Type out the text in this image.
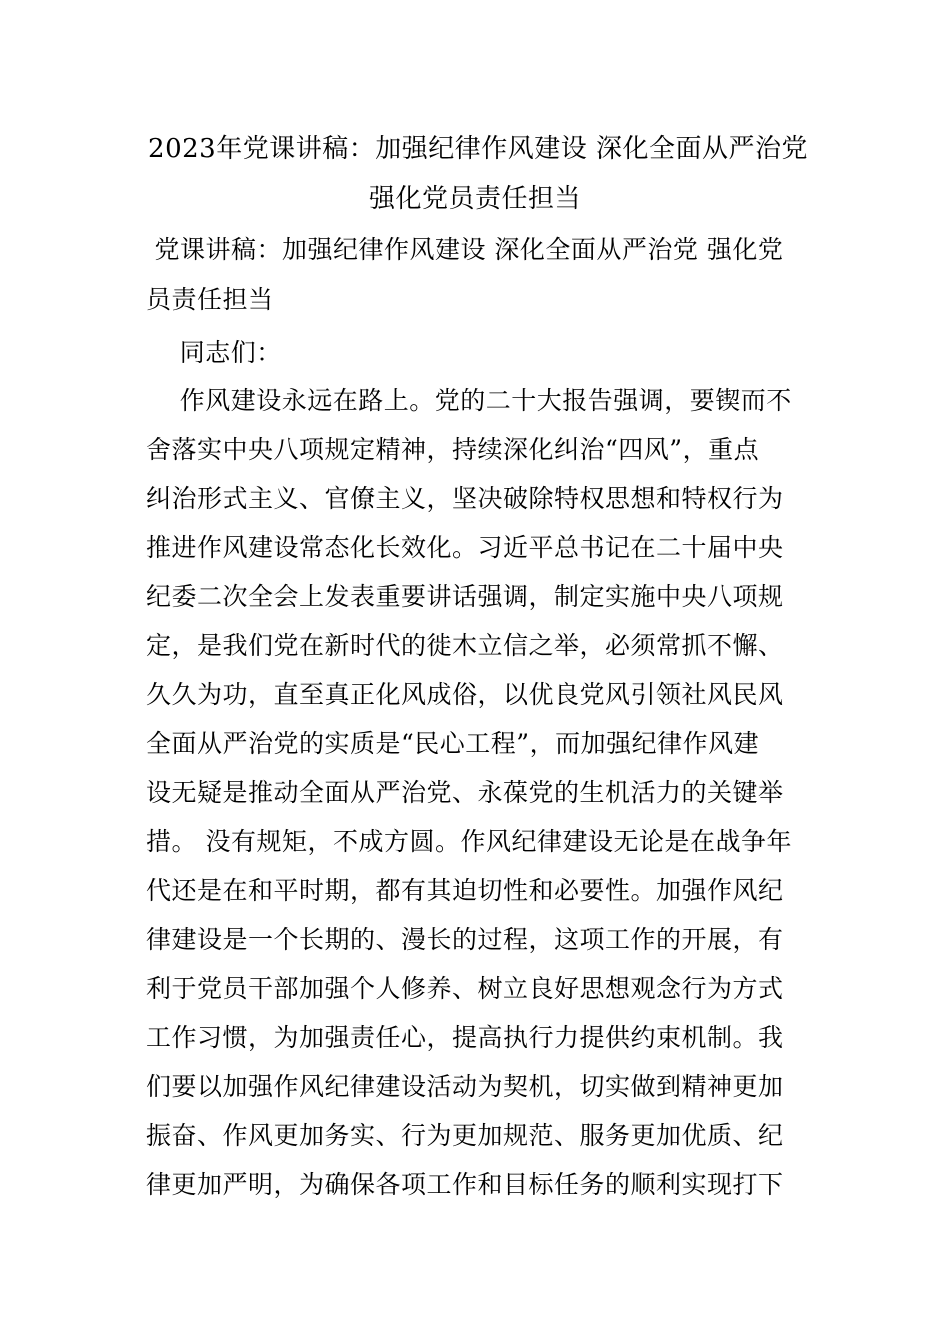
2023年党课讲稿：加强纪律作风建设 深化全面从严治党
强化党员责任担当
党课讲稿：加强纪律作风建设 深化全面从严治党 强化党
员责任担当
同志们：
作风建设永远在路上。党的二十大报告强调，要锲而不
舍落实中央八项规定精神，持续深化纠治“四风”，重点
纠治形式主义、官僚主义，坚决破除特权思想和特权行为
推进作风建设常态化长效化。习近平总书记在二十届中央
纪委二次全会上发表重要讲话强调，制定实施中央八项规
定，是我们党在新时代的徙木立信之举，必须常抓不懈、
久久为功，直至真正化风成俗，以优良党风引领社风民风
全面从严治党的实质是“民心工程”，而加强纪律作风建
设无疑是推动全面从严治党、永葆党的生机活力的关键举
措。 没有规矩，不成方圆。作风纪律建设无论是在战争年
代还是在和平时期，都有其迫切性和必要性。加强作风纪
律建设是一个长期的、漫长的过程，这项工作的开展，有
利于党员干部加强个人修养、树立良好思想观念行为方式
工作习惯，为加强责任心，提高执行力提供约束机制。我
们要以加强作风纪律建设活动为契机，切实做到精神更加
振奋、作风更加务实、行为更加规范、服务更加优质、纪
律更加严明，为确保各项工作和目标任务的顺利实现打下
